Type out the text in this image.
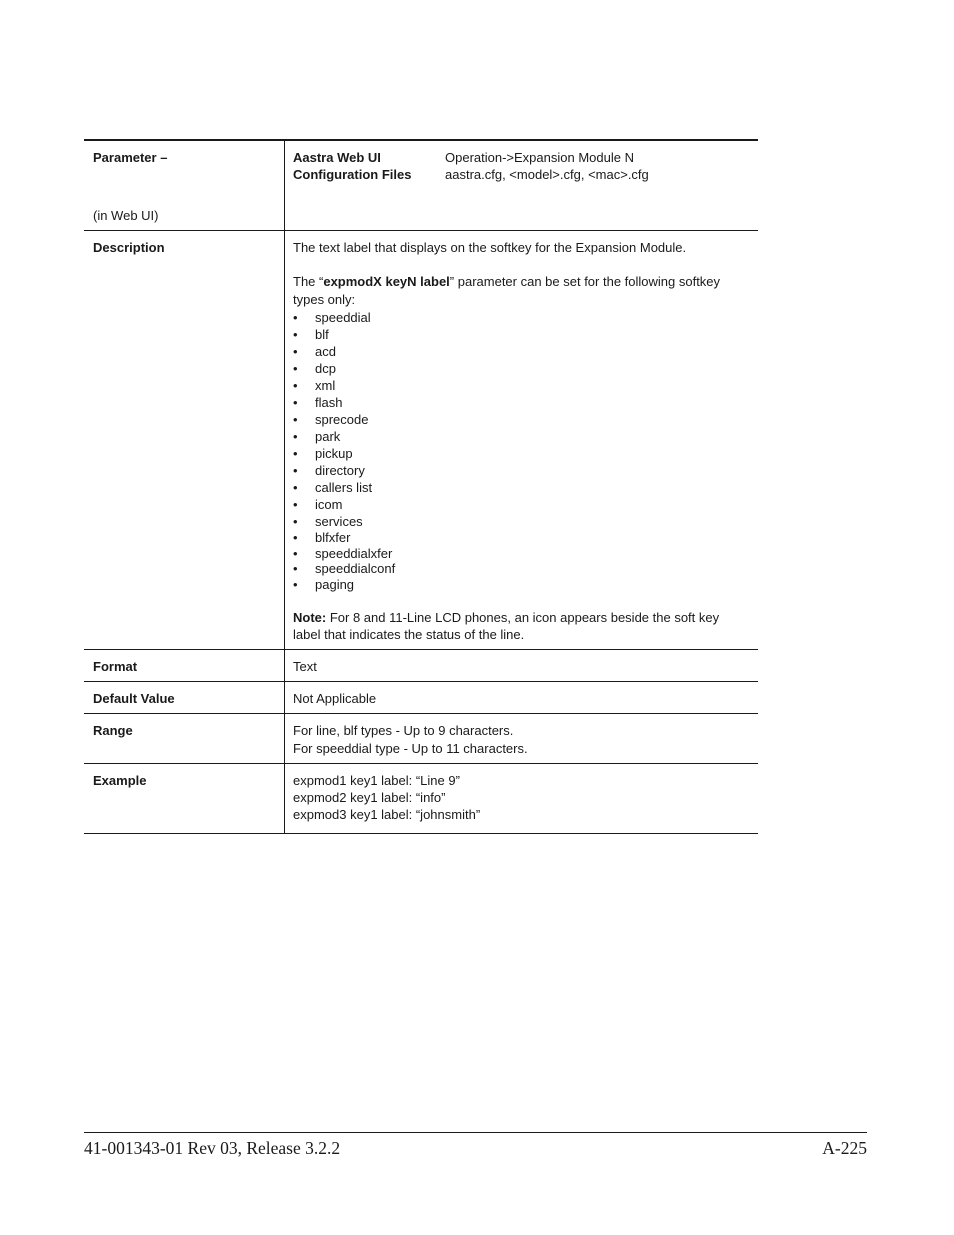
Parameter –
(in Web UI)
Aastra Web UI	Operation->Expansion Module N
Configuration Files	aastra.cfg, <model>.cfg, <mac>.cfg
Description	The text label that displays on the softkey for the Expansion Module.
The “expmodX keyN label” parameter can be set for the following softkey types only:
•	speeddial
•	blf
•	acd
•	dcp
•	xml
•	flash
•	sprecode
•	park
•	pickup
•	directory
•	callers list
•	icom
•	services
•	blfxfer
•	speeddialxfer
•	speeddialconf
•	paging
Note: For 8 and 11-Line LCD phones, an icon appears beside the soft key label that indicates the status of the line.
Format	Text
Default Value	Not Applicable
Range	For line, blf types - Up to 9 characters.
For speeddial type - Up to 11 characters.
Example	expmod1 key1 label: “Line 9”
expmod2 key1 label: “info”
expmod3 key1 label: “johnsmith”
41-001343-01 Rev 03, Release 3.2.2	A-225
